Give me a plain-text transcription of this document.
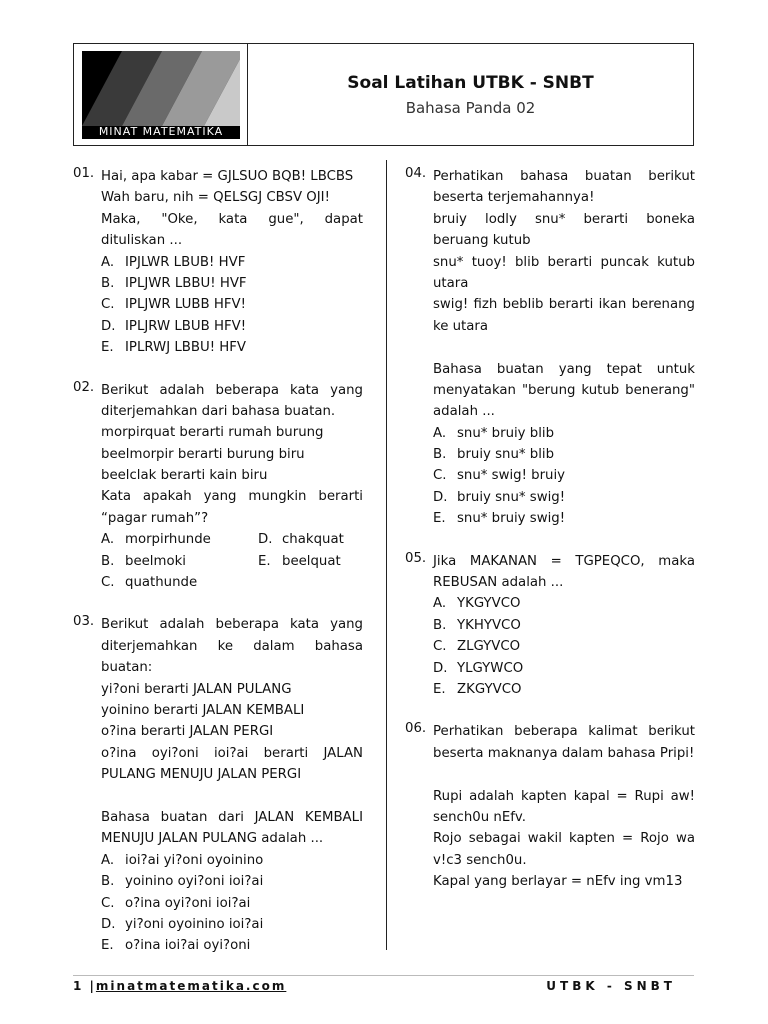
MINAT MATEMATIKA
Soal Latihan UTBK - SNBT
Bahasa Panda 02
01. Hai, apa kabar = GJLSUO BQB! LBCBS
Wah baru, nih = QELSGJ CBSV OJI!
Maka, "Oke, kata gue", dapat
dituliskan ...
A. IPJLWR LBUB! HVF
B. IPLJWR LBBU! HVF
C. IPLJWR LUBB HFV!
D. IPLJRW LBUB HFV!
E. IPLRWJ LBBU! HFV
02. Berikut adalah beberapa kata yang
diterjemahkan dari bahasa buatan.
morpirquat berarti rumah burung
beelmorpir berarti burung biru
beelclak berarti kain biru
Kata apakah yang mungkin berarti
“pagar rumah”?
A. morpirhunde	D. chakquat
B. beelmoki	E. beelquat
C. quathunde
03. Berikut adalah beberapa kata yang
diterjemahkan ke dalam bahasa
buatan:
yi?oni berarti JALAN PULANG
yoinino berarti JALAN KEMBALI
o?ina berarti JALAN PERGI
o?ina oyi?oni ioi?ai berarti JALAN
PULANG MENUJU JALAN PERGI
Bahasa buatan dari JALAN KEMBALI
MENUJU JALAN PULANG adalah ...
A. ioi?ai yi?oni oyoinino
B. yoinino oyi?oni ioi?ai
C. o?ina oyi?oni ioi?ai
D. yi?oni oyoinino ioi?ai
E. o?ina ioi?ai oyi?oni
04. Perhatikan bahasa buatan berikut
beserta terjemahannya!
bruiy lodly snu* berarti boneka
beruang kutub
snu* tuoy! blib berarti puncak kutub
utara
swig! fizh beblib berarti ikan berenang
ke utara
Bahasa buatan yang tepat untuk
menyatakan "berung kutub benerang"
adalah ...
A. snu* bruiy blib
B. bruiy snu* blib
C. snu* swig! bruiy
D. bruiy snu* swig!
E. snu* bruiy swig!
05. Jika MAKANAN = TGPEQCO, maka
REBUSAN adalah ...
A. YKGYVCO
B. YKHYVCO
C. ZLGYVCO
D. YLGYWCO
E. ZKGYVCO
06. Perhatikan beberapa kalimat berikut
beserta maknanya dalam bahasa Pripi!
Rupi adalah kapten kapal = Rupi aw!
sench0u nEfv.
Rojo sebagai wakil kapten = Rojo wa
v!c3 sench0u.
Kapal yang berlayar = nEfv ing vm13
1 |minatmatematika.com	UTBK - SNBT
